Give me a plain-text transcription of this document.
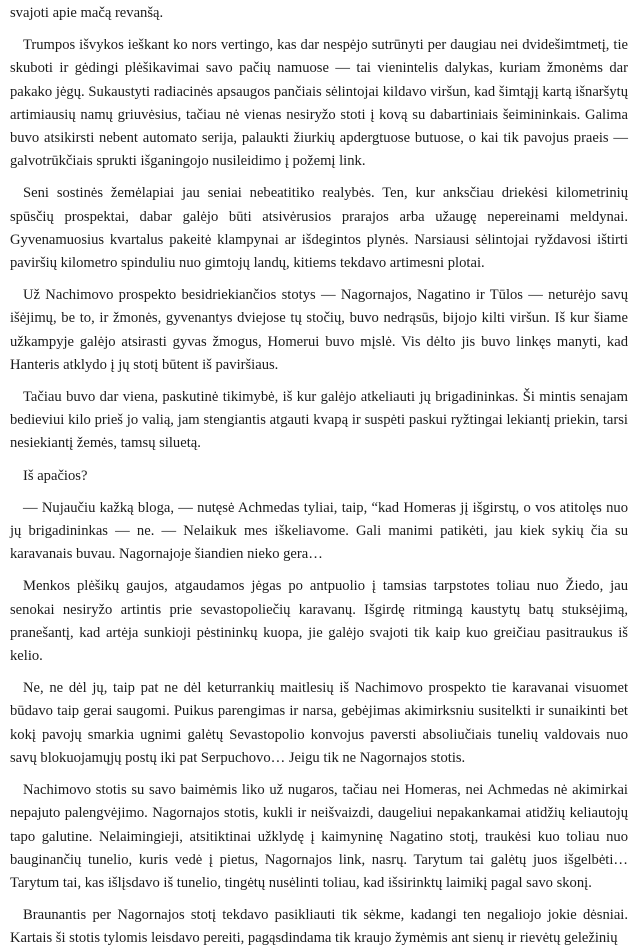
svajoti apie mačą revanšą.

Trumpos išvykos ieškant ko nors vertingo, kas dar nespėjo sutrūnyti per daugiau nei dvidešimtmetį, tie skuboti ir gėdingi plėšikavimai savo pačių namuose — tai vienintelis dalykas, kuriam žmonėms dar pakako jėgų. Sukaustyti radiacinės apsaugos pančiais sėlintojai kildavo viršun, kad šimtąjį kartą išnaršytų artimiausių namų griuvėsius, tačiau nė vienas nesiryžo stoti į kovą su dabartiniais šeimininkais. Galima buvo atsikirsti nebent automato serija, palaukti žiurkių apdergtuose butuose, o kai tik pavojus praeis — galvotrūkčiais sprukti išganingojo nusileidimo į požemį link.

Seni sostinės žemėlapiai jau seniai nebeatitiko realybės. Ten, kur anksčiau driekėsi kilometrinių spūsčių prospektai, dabar galėjo būti atsivėrusios prarajos arba užaugę nepereinami meldynai. Gyvenamuosius kvartalus pakeitė klampynai ar išdegintos plynės. Narsiausi sėlintojai ryždavosi ištirti paviršių kilometro spinduliu nuo gimtojų landų, kitiems tekdavo artimesni plotai.

Už Nachimovo prospekto besidriekiančios stotys — Nagornajos, Nagatino ir Tūlos — neturėjo savų išėjimų, be to, ir žmonės, gyvenantys dviejose tų stočių, buvo nedrąsūs, bijojo kilti viršun. Iš kur šiame užkampyje galėjo atsirasti gyvas žmogus, Homerui buvo mįslė. Vis dėlto jis buvo linkęs manyti, kad Hanteris atklydo į jų stotį būtent iš paviršiaus.

Tačiau buvo dar viena, paskutinė tikimybė, iš kur galėjo atkeliauti jų brigadininkas. Ši mintis senajam bedieviui kilo prieš jo valią, jam stengiantis atgauti kvapą ir suspėti paskui ryžtingai lekiantį priekin, tarsi nesiekiantį žemės, tamsų siluetą.

Iš apačios?

— Nujaučiu kažką bloga, — nutęsė Achmedas tyliai, taip, “kad Homeras jį išgirstų, o vos atitolęs nuo jų brigadininkas — ne. — Nelaikuk mes iškeliavome. Gali manimi patikėti, jau kiek sykių čia su karavanais buvau. Nagornajoje šiandien nieko gera…

Menkos plėšikų gaujos, atgaudamos jėgas po antpuolio į tamsias tarpstotes toliau nuo Žiedo, jau senokai nesiryžo artintis prie sevastopoliečių karavanų. Išgirdę ritmingą kaustytų batų stuksėjimą, pranešantį, kad artėja sunkioji pėstininkų kuopa, jie galėjo svajoti tik kaip kuo greičiau pasitraukus iš kelio.

Ne, ne dėl jų, taip pat ne dėl keturrankių maitlesių iš Nachimovo prospekto tie karavanai visuomet būdavo taip gerai saugomi. Puikus parengimas ir narsa, gebėjimas akimirksniu susitelkti ir sunaikinti bet kokį pavojų smarkia ugnimi galėtų Sevastopolio konvojus paversti absoliučiais tunelių valdovais nuo savų blokuojamųjų postų iki pat Serpuchovo… Jeigu tik ne Nagornajos stotis.

Nachimovo stotis su savo baimėmis liko už nugaros, tačiau nei Homeras, nei Achmedas nė akimirkai nepajuto palengvėjimo. Nagornajos stotis, kukli ir neišvaizdi, daugeliui nepakankamai atidžių keliautojų tapo galutine. Nelaimingieji, atsitiktinai užklydę į kaimyninę Nagatino stotį, traukėsi kuo toliau nuo bauginančių tunelio, kuris vedė į pietus, Nagornajos link, nasrų. Tarytum tai galėtų juos išgelbėti… Tarytum tai, kas išlįsdavo iš tunelio, tingėtų nusėlinti toliau, kad išsirinktų laimikį pagal savo skonį.

Braunantis per Nagornajos stotį tekdavo pasikliauti tik sėkme, kadangi ten negaliojo jokie dėsniai. Kartais ši stotis tylomis leisdavo pereiti, pagąsdindama tik kraujo žymėmis ant sienų ir rievėtų geležinių
